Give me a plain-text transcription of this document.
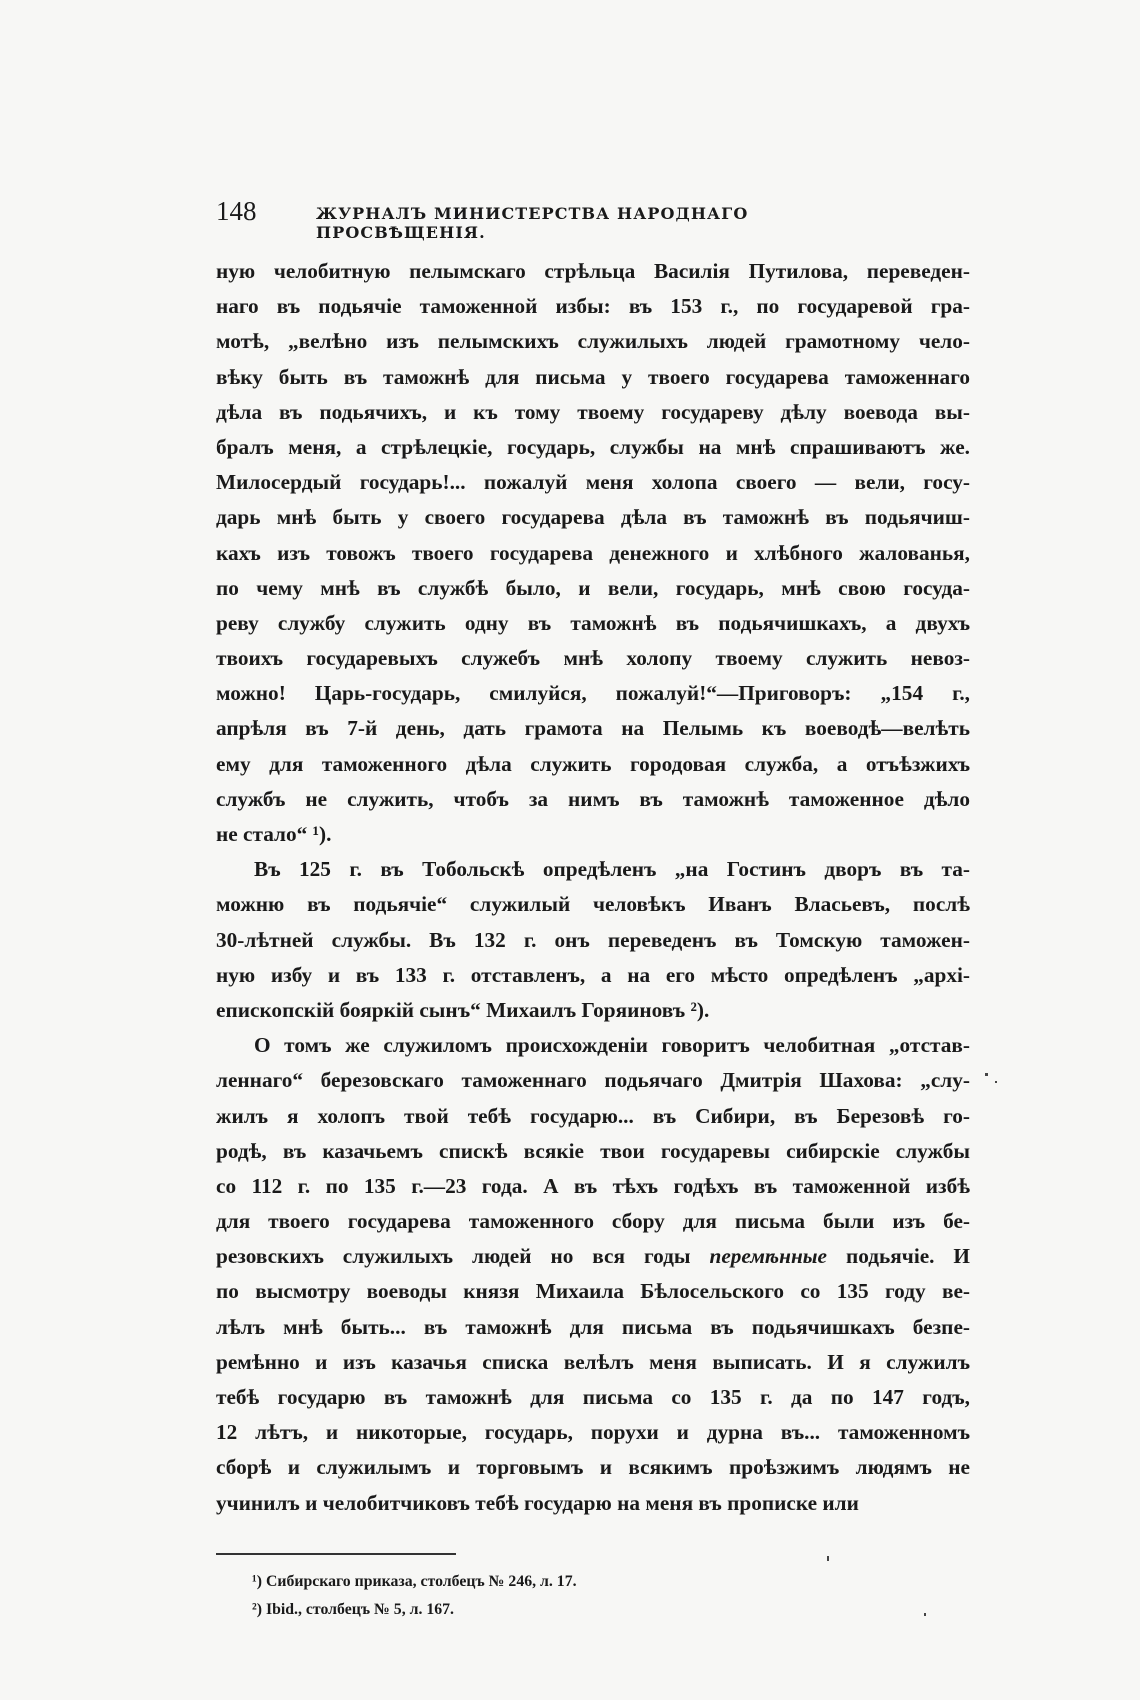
148	ЖУРНАЛЪ МИНИСТЕРСТВА НАРОДНАГО ПРОСВѢЩЕНІЯ.
ную челобитную пелымскаго стрѣльца Василія Путилова, переведен-
наго въ подьячіе таможенной избы: въ 153 г., по государевой гра-
мотѣ, „велѣно изъ пелымскихъ служилыхъ людей грамотному чело-
вѣку быть въ таможнѣ для письма у твоего государева таможеннаго
дѣла въ подьячихъ, и къ тому твоему государеву дѣлу воевода вы-
бралъ меня, а стрѣлецкіе, государь, службы на мнѣ спрашиваютъ же.
Милосердый государь!... пожалуй меня холопа своего — вели, госу-
дарь мнѣ быть у своего государева дѣла въ таможнѣ въ подьячиш-
кахъ изъ товожъ твоего государева денежного и хлѣбного жалованья,
по чему мнѣ въ службѣ было, и вели, государь, мнѣ свою госуда-
реву службу служить одну въ таможнѣ въ подьячишкахъ, а двухъ
твоихъ государевыхъ служебъ мнѣ холопу твоему служить невоз-
можно! Царь-государь, смилуйся, пожалуй!“—Приговоръ: „154 г.,
апрѣля въ 7-й день, дать грамота на Пелымь къ воеводѣ—велѣть
ему для таможенного дѣла служить городовая служба, а отъѣзжихъ
службъ не служить, чтобъ за нимъ въ таможнѣ таможенное дѣло
не стало“ ¹).
Въ 125 г. въ Тобольскѣ опредѣленъ „на Гостинъ дворъ въ та-
можню въ подьячіе“ служилый человѣкъ Иванъ Власьевъ, послѣ
30-лѣтней службы. Въ 132 г. онъ переведенъ въ Томскую таможен-
ную избу и въ 133 г. отставленъ, а на его мѣсто опредѣленъ „архі-
епископскій бояркій сынъ“ Михаилъ Горяиновъ ²).
О томъ же служиломъ происхожденіи говоритъ челобитная „отстав-
леннаго“ березовскаго таможеннаго подьячаго Дмитрія Шахова: „слу-
жилъ я холопъ твой тебѣ государю... въ Сибири, въ Березовѣ го-
родѣ, въ казачьемъ спискѣ всякіе твои государевы сибирскіе службы
со 112 г. по 135 г.—23 года. А въ тѣхъ годѣхъ въ таможенной избѣ
для твоего государева таможенного сбору для письма были изъ бе-
резовскихъ служилыхъ людей но вся годы перемѣнные подьячіе. И
по высмотру воеводы князя Михаила Бѣлосельского со 135 году ве-
лѣлъ мнѣ быть... въ таможнѣ для письма въ подьячишкахъ безпе-
ремѣнно и изъ казачья списка велѣлъ меня выписать. И я служилъ
тебѣ государю въ таможнѣ для письма со 135 г. да по 147 годъ,
12 лѣтъ, и никоторые, государь, порухи и дурна въ... таможенномъ
сборѣ и служилымъ и торговымъ и всякимъ проѣзжимъ людямъ не
учинилъ и челобитчиковъ тебѣ государю на меня въ прописке или
¹) Сибирскаго приказа, столбецъ № 246, л. 17.
²) Ibid., столбецъ № 5, л. 167.
